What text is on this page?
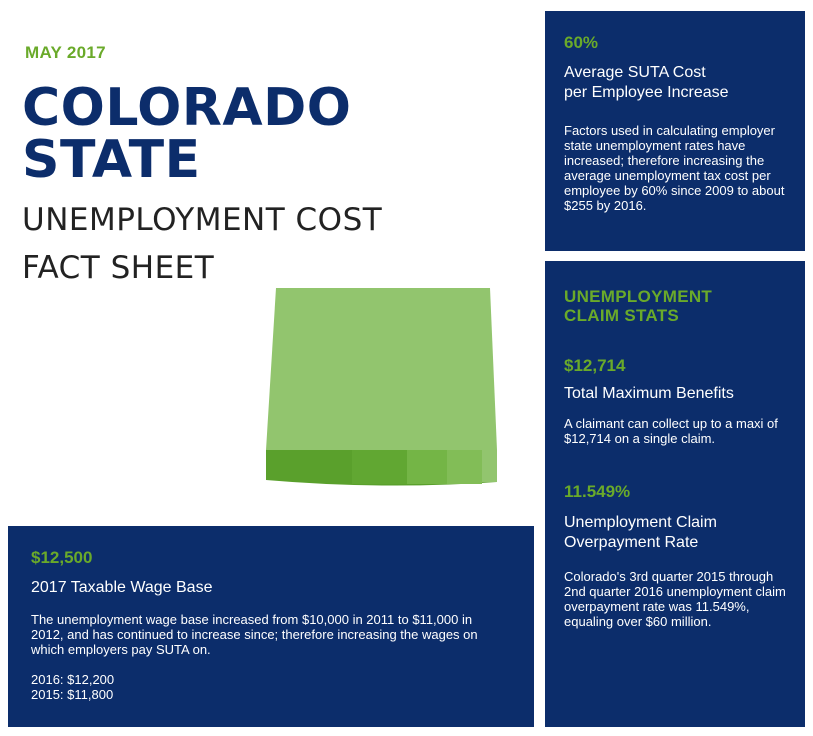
MAY 2017

COLORADO

STATE

UNEMPLOYMENT COST

FACT SHEET

60%

Average SUTA Cost

per Employee Increase

Factors used in calculating employer state unemployment rates have increased; therefore increasing the average unemployment tax cost per employee by 60% since 2009 to about $255 by 2016.

UNEMPLOYMENT

CLAIM STATS

$12,714

Total Maximum Benefits

A claimant can collect up to a maxi of $12,714 on a single claim.

11.549%

Unemployment Claim

Overpayment Rate

Colorado's 3rd quarter 2015 through 2nd quarter 2016 unemployment claim overpayment rate was 11.549%, equaling over $60 million.

$12,500

2017 Taxable Wage Base

The unemployment wage base increased from $10,000 in 2011 to $11,000 in 2012, and has continued to increase since; therefore increasing the wages on which employers pay SUTA on.

2016: $12,200

2015: $11,800
